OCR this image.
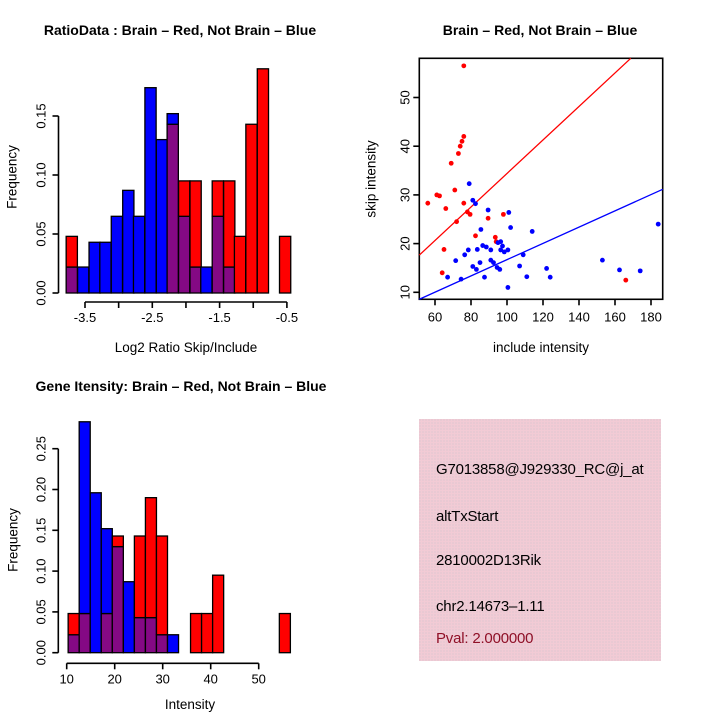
-3.5	-2.5	-1.5	-0.5
0.00
0.05
0.10
0.15
60 80 100 120 140 160 180
10
20
30
40
50
10	20	30	40	50
0.00
0.05
0.10
0.15
0.20
0.25
RatioData : Brain – Red, Not Brain – Blue	Brain – Red, Not Brain – Blue
Gene Itensity: Brain – Red, Not Brain – Blue
Log2 Ratio Skip/Include
Frequency
include intensity
skip intensity
Intensity
Frequency
G7013858@J929330_RC@j_at
altTxStart
2810002D13Rik
chr2.14673–1.11
Pval: 2.000000
